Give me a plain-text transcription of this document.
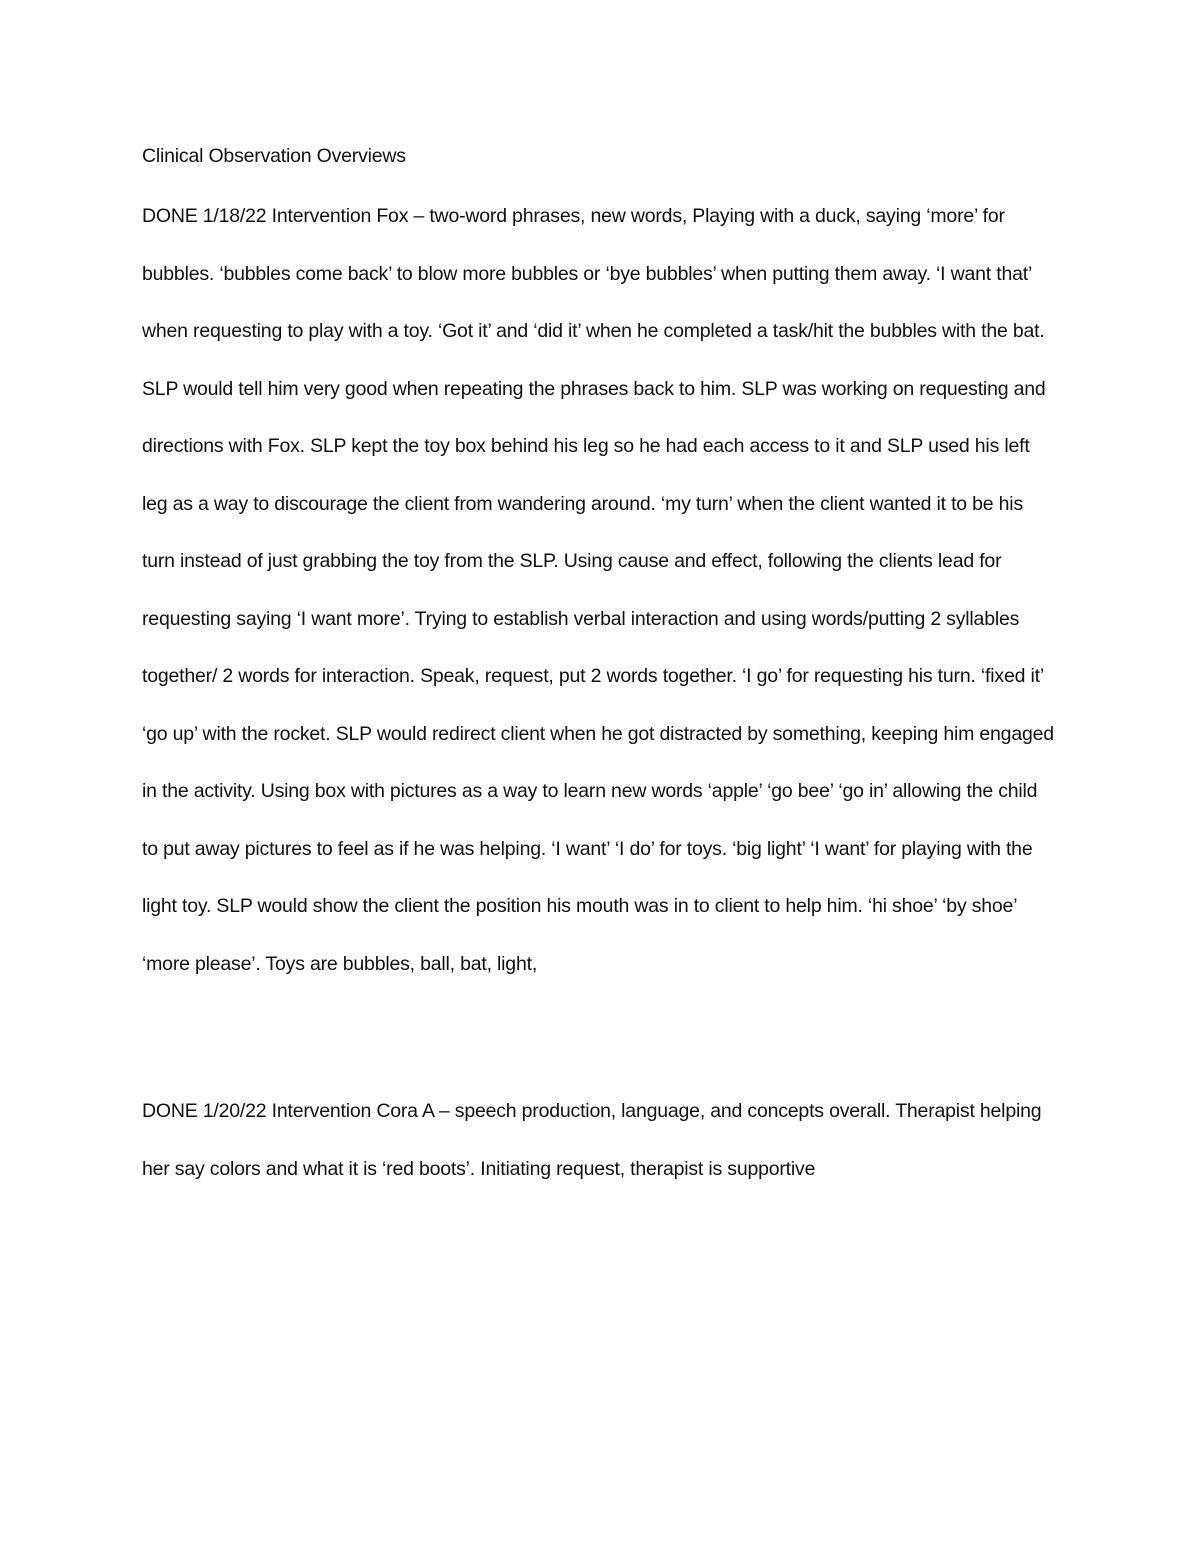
Clinical Observation Overviews

DONE 1/18/22 Intervention Fox – two-word phrases, new words, Playing with a duck, saying ‘more’ for bubbles. ‘bubbles come back’ to blow more bubbles or ‘bye bubbles’ when putting them away. ‘I want that’ when requesting to play with a toy. ‘Got it’ and ‘did it’ when he completed a task/hit the bubbles with the bat. SLP would tell him very good when repeating the phrases back to him. SLP was working on requesting and directions with Fox. SLP kept the toy box behind his leg so he had each access to it and SLP used his left leg as a way to discourage the client from wandering around. ‘my turn’ when the client wanted it to be his turn instead of just grabbing the toy from the SLP. Using cause and effect, following the clients lead for requesting saying ‘I want more’. Trying to establish verbal interaction and using words/putting 2 syllables together/ 2 words for interaction. Speak, request, put 2 words together. ‘I go’ for requesting his turn. ‘fixed it’ ‘go up’ with the rocket. SLP would redirect client when he got distracted by something, keeping him engaged in the activity. Using box with pictures as a way to learn new words ‘apple’ ‘go bee’ ‘go in’ allowing the child to put away pictures to feel as if he was helping. ‘I want’ ‘I do’ for toys. ‘big light’ ‘I want’ for playing with the light toy. SLP would show the client the position his mouth was in to client to help him. ‘hi shoe’ ‘by shoe’ ‘more please’. Toys are bubbles, ball, bat, light,

DONE 1/20/22 Intervention Cora A – speech production, language, and concepts overall. Therapist helping her say colors and what it is ‘red boots’. Initiating request, therapist is supportive
